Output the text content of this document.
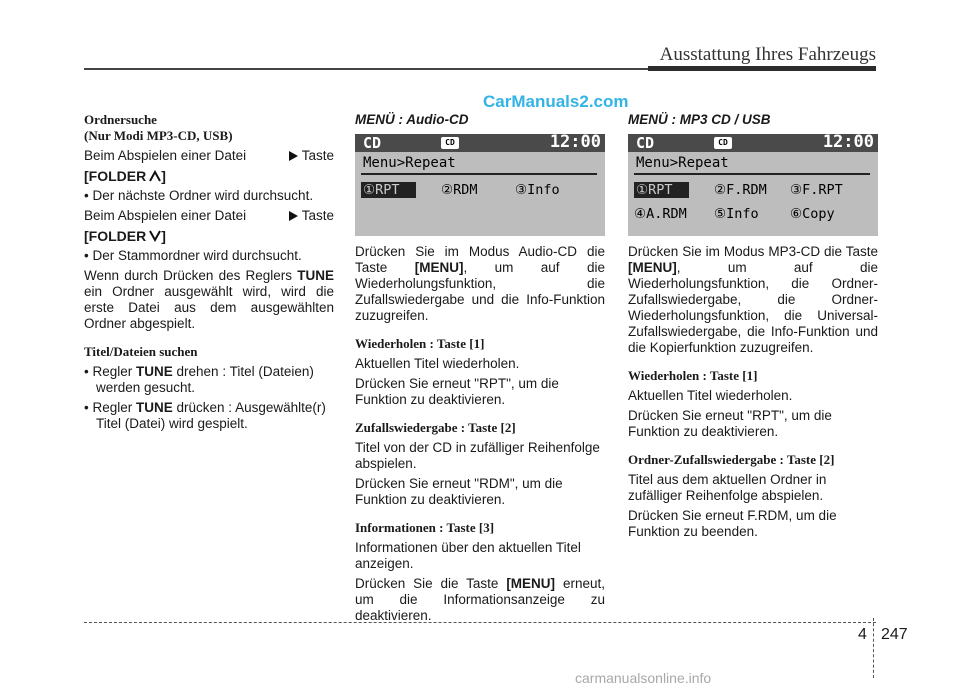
Ausstattung Ihres Fahrzeugs
CarManuals2.com
Ordnersuche
(Nur Modi MP3-CD, USB)

Beim Abspielen einer Datei	Taste

[FOLDER ]

• Der nächste Ordner wird durchsucht.

Beim Abspielen einer Datei	Taste

[FOLDER ]

• Der Stammordner wird durchsucht.

Wenn durch Drücken des Reglers TUNE ein Ordner ausgewählt wird, wird die erste Datei aus dem ausgewählten Ordner abgespielt.

Titel/Dateien suchen

• Regler TUNE drehen : Titel (Dateien) werden gesucht.

• Regler TUNE drücken : Ausgewählte(r) Titel (Datei) wird gespielt.

MENÜ : Audio-CD
CD	CD	12:00
Menu>Repeat
①RPT	②RDM	③Info

Drücken Sie im Modus Audio-CD die Taste [MENU], um auf die Wiederholungsfunktion, die Zufallswiedergabe und die Info-Funktion zuzugreifen.

Wiederholen : Taste [1]

Aktuellen Titel wiederholen.

Drücken Sie erneut "RPT", um die Funktion zu deaktivieren.

Zufallswiedergabe : Taste [2]

Titel von der CD in zufälliger Reihenfolge abspielen.

Drücken Sie erneut "RDM", um die Funktion zu deaktivieren.

Informationen : Taste [3]

Informationen über den aktuellen Titel anzeigen.

Drücken Sie die Taste [MENU] erneut, um die Informationsanzeige zu deaktivieren.

MENÜ : MP3 CD / USB
CD	CD	12:00
Menu>Repeat
①RPT	②F.RDM ③F.RPT
④A.RDM ⑤Info ⑥Copy

Drücken Sie im Modus MP3-CD die Taste [MENU], um auf die Wiederholungsfunktion, die Ordner-Zufallswiedergabe, die Ordner-Wiederholungsfunktion, die Universal-Zufallswiedergabe, die Info-Funktion und die Kopierfunktion zuzugreifen.

Wiederholen : Taste [1]

Aktuellen Titel wiederholen.

Drücken Sie erneut "RPT", um die Funktion zu deaktivieren.

Ordner-Zufallswiedergabe : Taste [2]

Titel aus dem aktuellen Ordner in zufälliger Reihenfolge abspielen.

Drücken Sie erneut F.RDM, um die Funktion zu beenden.

4 247
carmanualsonline.info
